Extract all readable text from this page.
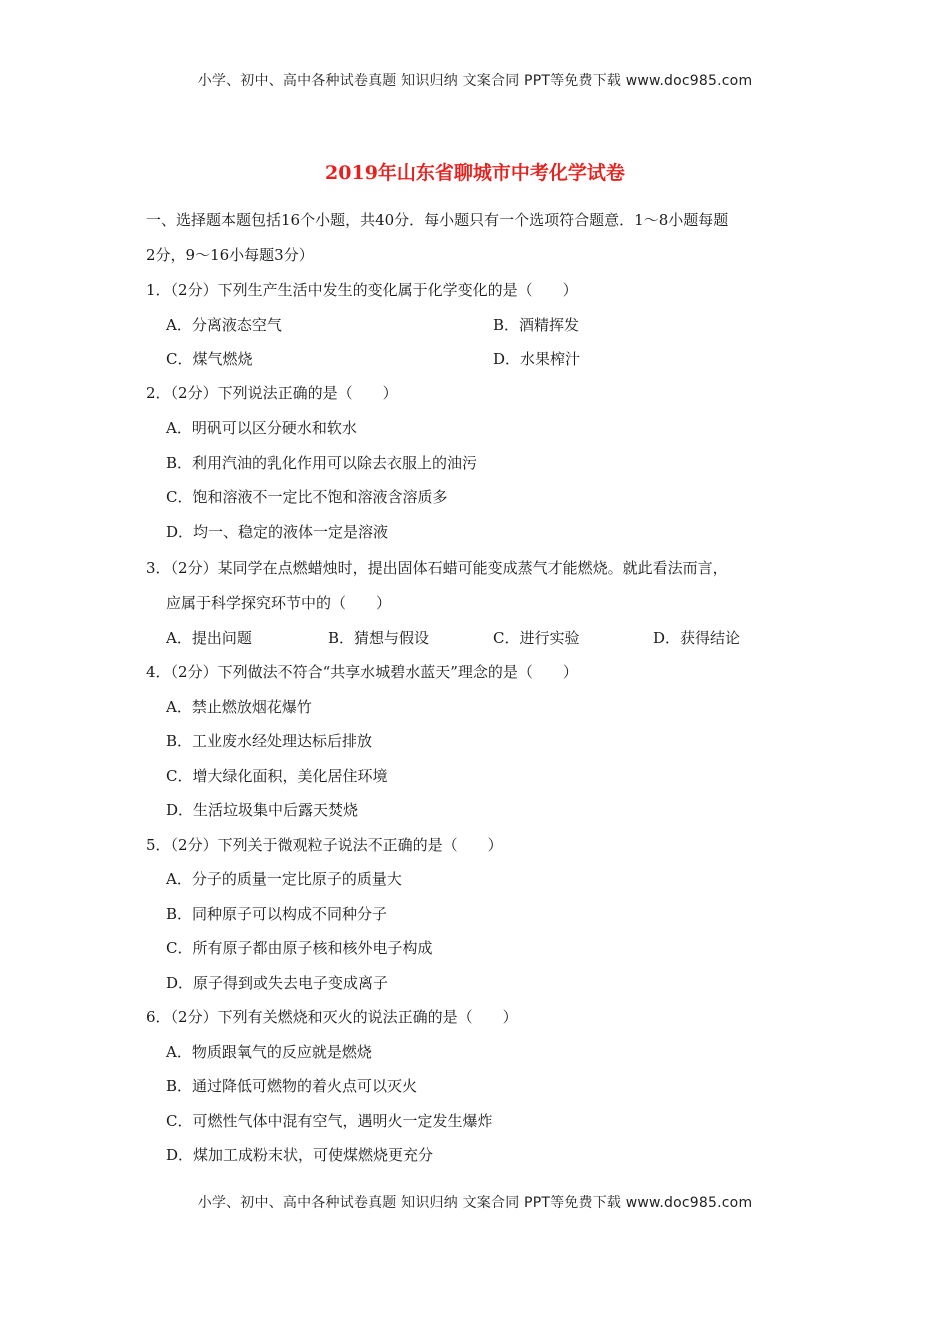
小学、初中、高中各种试卷真题 知识归纳 文案合同 PPT等免费下载 www.doc985.com
2019年山东省聊城市中考化学试卷
一、选择题本题包括16个小题，共40分．每小题只有一个选项符合题意．1～8小题每题
2分，9～16小每题3分）
1．（2分）下列生产生活中发生的变化属于化学变化的是（　　）
A．分离液态空气	B．酒精挥发
C．煤气燃烧	D．水果榨汁
2．（2分）下列说法正确的是（　　）
A．明矾可以区分硬水和软水
B．利用汽油的乳化作用可以除去衣服上的油污
C．饱和溶液不一定比不饱和溶液含溶质多
D．均一、稳定的液体一定是溶液
3．（2分）某同学在点燃蜡烛时，提出固体石蜡可能变成蒸气才能燃烧。就此看法而言，
应属于科学探究环节中的（　　）
A．提出问题	B．猜想与假设	C．进行实验	D．获得结论
4．（2分）下列做法不符合“共享水城碧水蓝天”理念的是（　　）
A．禁止燃放烟花爆竹
B．工业废水经处理达标后排放
C．增大绿化面积，美化居住环境
D．生活垃圾集中后露天焚烧
5．（2分）下列关于微观粒子说法不正确的是（　　）
A．分子的质量一定比原子的质量大
B．同种原子可以构成不同种分子
C．所有原子都由原子核和核外电子构成
D．原子得到或失去电子变成离子
6．（2分）下列有关燃烧和灭火的说法正确的是（　　）
A．物质跟氧气的反应就是燃烧
B．通过降低可燃物的着火点可以灭火
C．可燃性气体中混有空气，遇明火一定发生爆炸
D．煤加工成粉末状，可使煤燃烧更充分
小学、初中、高中各种试卷真题 知识归纳 文案合同 PPT等免费下载 www.doc985.com
